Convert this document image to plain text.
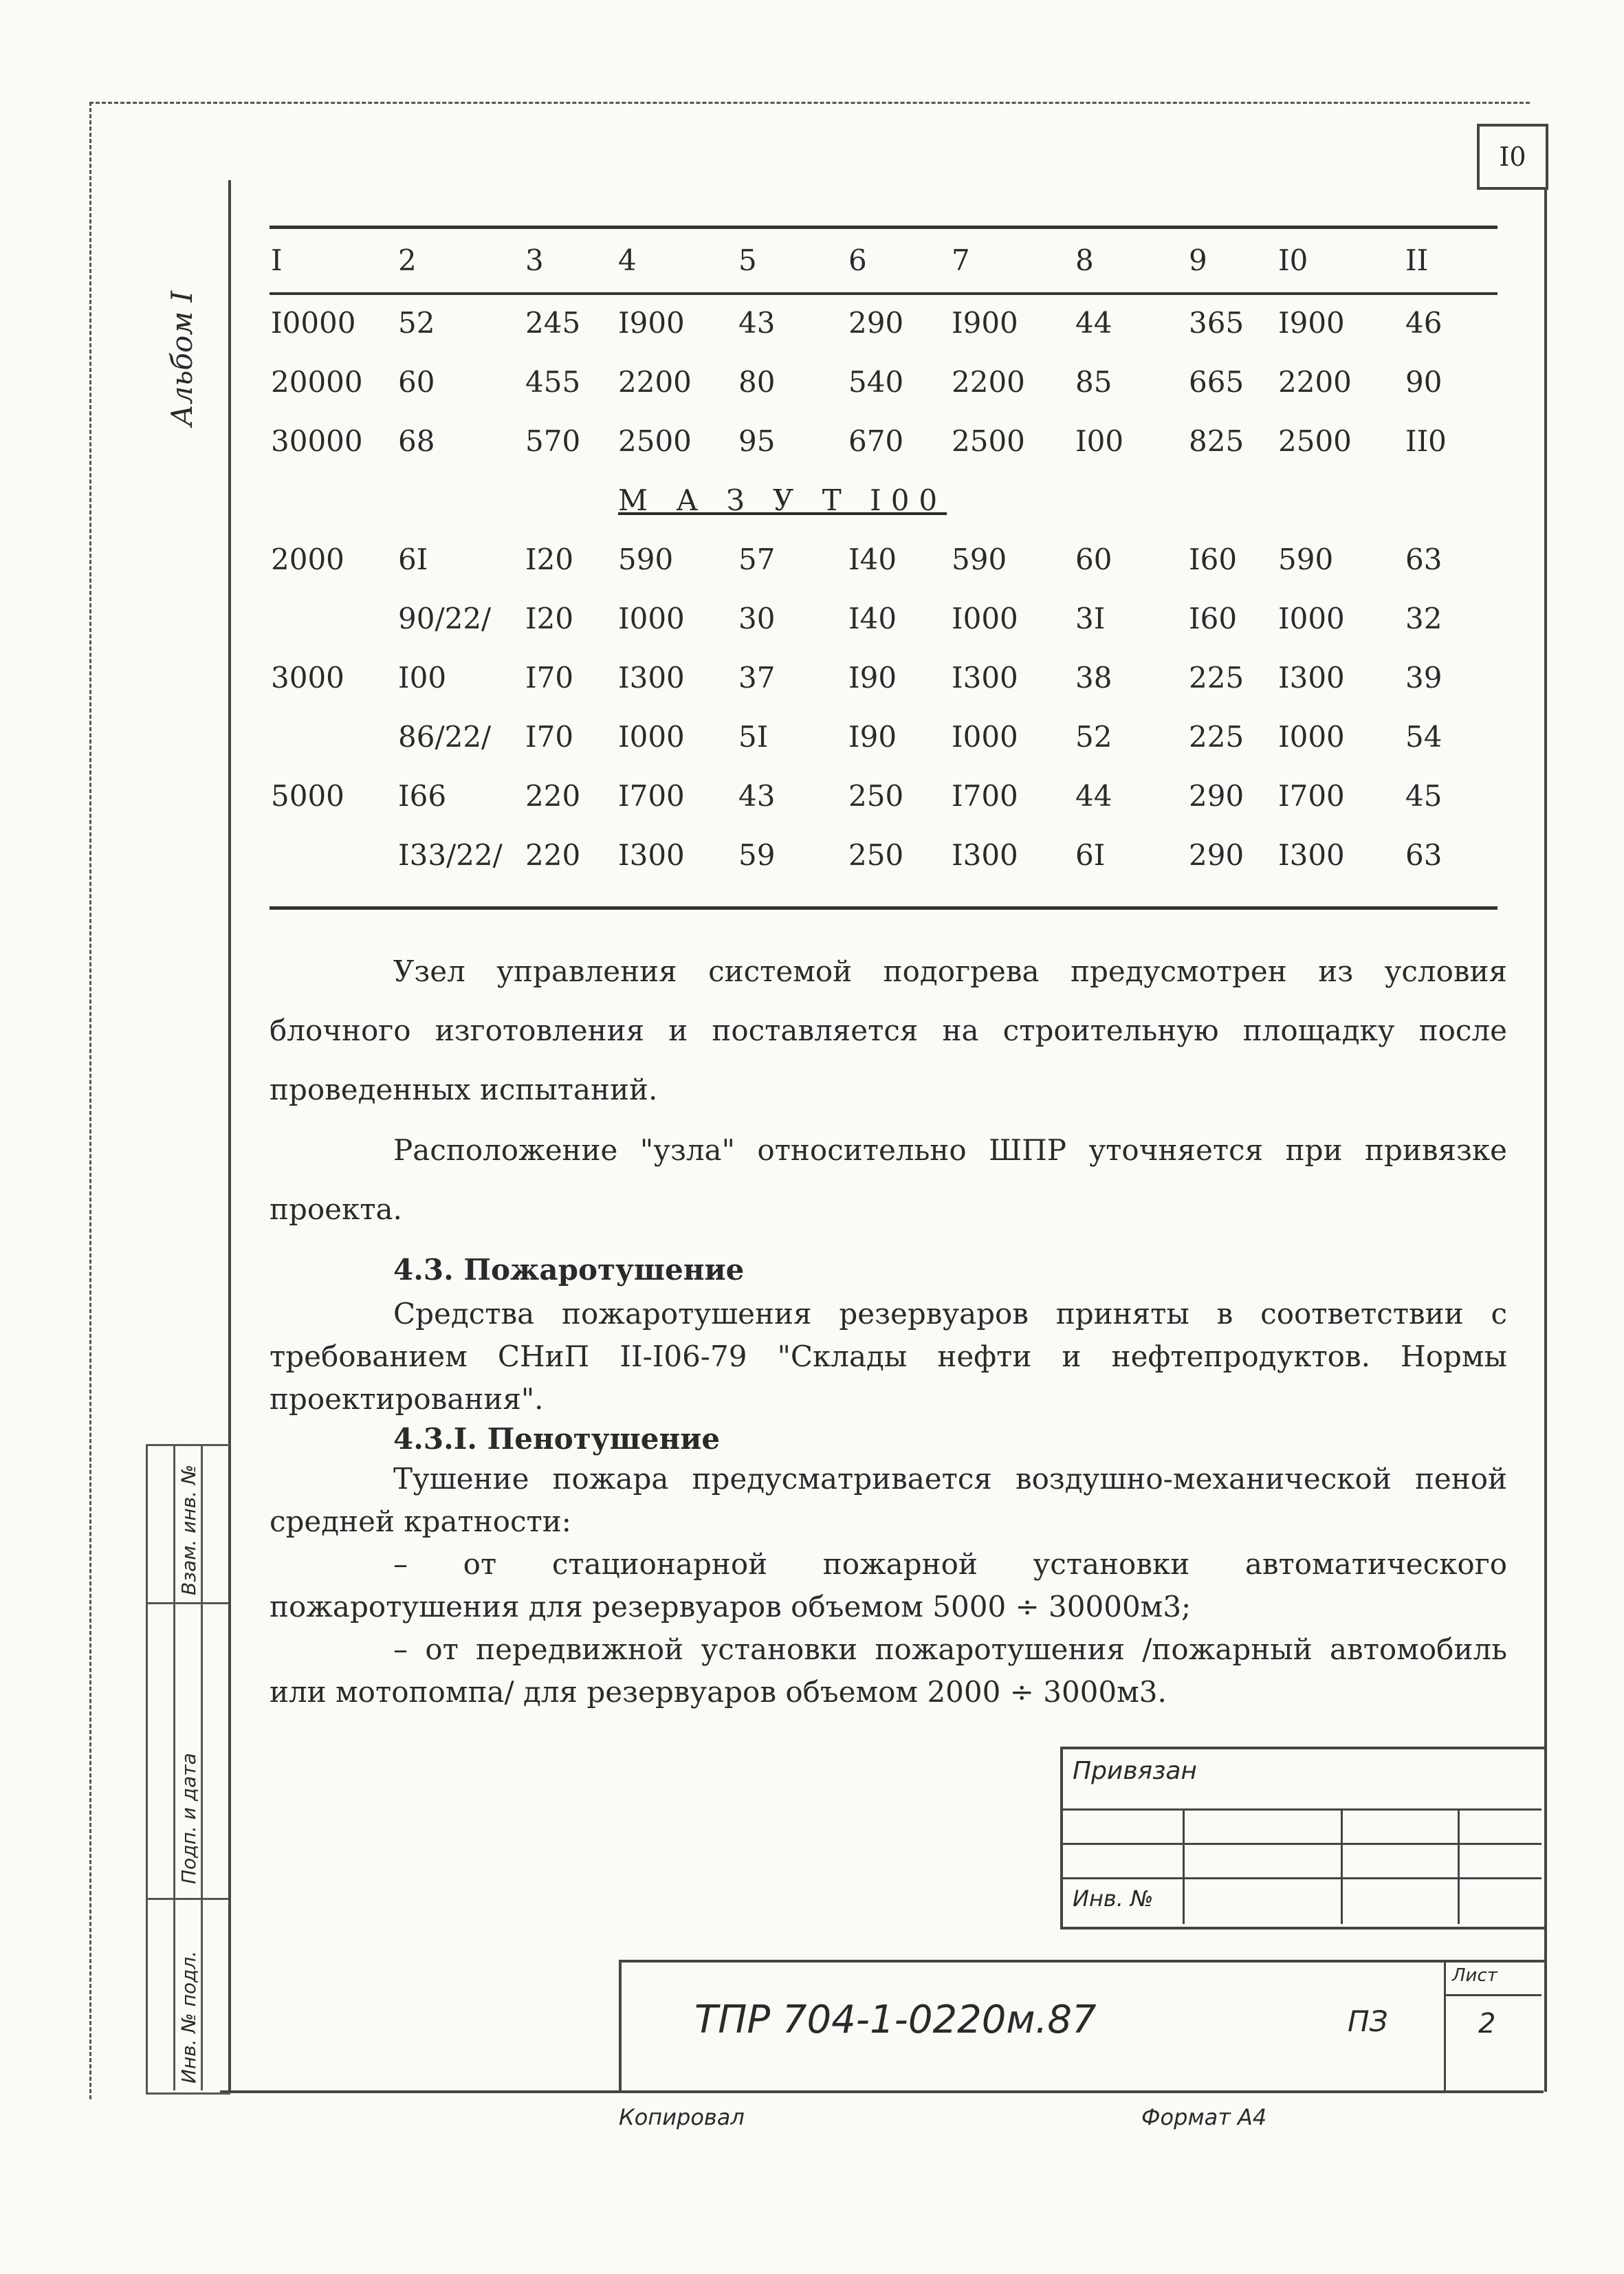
I0
Альбом I
I	2	3	4	5	6	7	8	9	I0	II
I0000	52	245	I900	43	290	I900	44	365	I900	46
20000	60	455	2200	80	540	2200	85	665	2200	90
30000	68	570	2500	95	670	2500	I00	825	2500	II0
			М А З У Т I00							
2000	6I	I20	590	57	I40	590	60	I60	590	63
	90/22/	I20	I000	30	I40	I000	3I	I60	I000	32
3000	I00	I70	I300	37	I90	I300	38	225	I300	39
	86/22/	I70	I000	5I	I90	I000	52	225	I000	54
5000	I66	220	I700	43	250	I700	44	290	I700	45
	I33/22/	220	I300	59	250	I300	6I	290	I300	63
Узел управления системой подогрева предусмотрен из условия блочного изготовления и поставляется на строительную площадку после проведенных испытаний.
Расположение "узла" относительно ШПР уточняется при привязке проекта.
4.3. Пожаротушение
Средства пожаротушения резервуаров приняты в соответствии с требованием СНиП II-I06-79 "Склады нефти и нефтепродуктов. Нормы проектирования".
4.3.I. Пенотушение
Тушение пожара предусматривается воздушно-механической пеной средней кратности:
– от стационарной пожарной установки автоматического пожаротушения для резервуаров объемом 5000 ÷ 30000м3;
– от передвижной установки пожаротушения /пожарный автомобиль или мотопомпа/ для резервуаров объемом 2000 ÷ 3000м3.
Привязан
Инв. №
Лист
2
ТПР 704-1-0220м.87	ПЗ
Копировал	Формат А4
Взам. инв. №
Подп. и дата
Инв. № подл.
